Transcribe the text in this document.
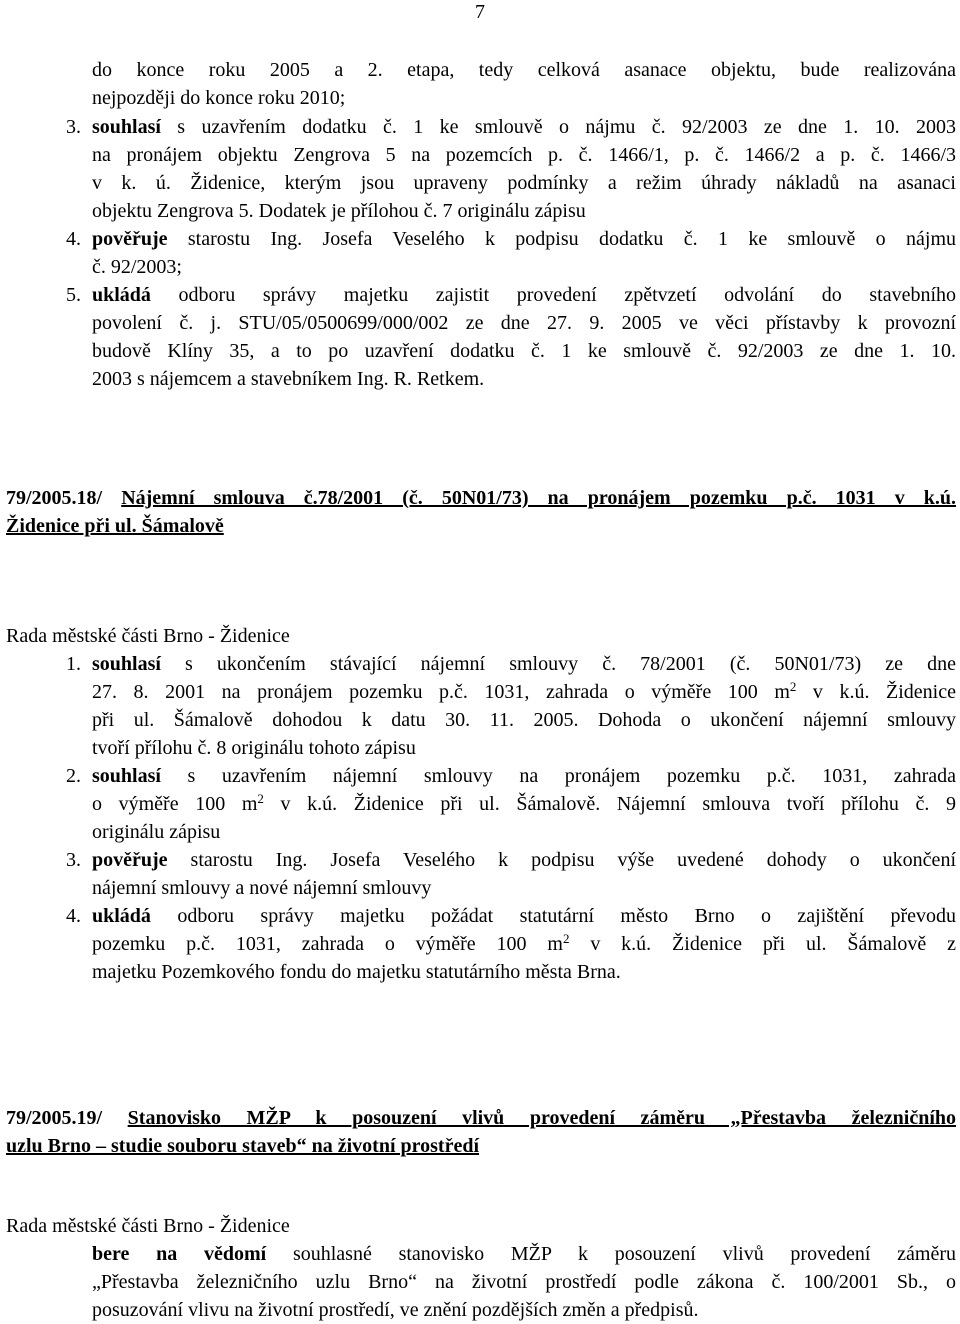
7
do konce roku 2005 a 2. etapa, tedy celková asanace objektu, bude realizována
nejpozději do konce roku 2010;
3. souhlasí s uzavřením dodatku č. 1 ke smlouvě o nájmu č. 92/2003 ze dne 1. 10. 2003
na pronájem objektu Zengrova 5 na pozemcích p. č. 1466/1, p. č. 1466/2 a p. č. 1466/3
v k. ú. Židenice, kterým jsou upraveny podmínky a režim úhrady nákladů na asanaci
objektu Zengrova 5. Dodatek je přílohou č. 7 originálu zápisu
4. pověřuje starostu Ing. Josefa Veselého k podpisu dodatku č. 1 ke smlouvě o nájmu
č. 92/2003;
5. ukládá odboru správy majetku zajistit provedení zpětvzetí odvolání do stavebního
povolení č. j. STU/05/0500699/000/002 ze dne 27. 9. 2005 ve věci přístavby k provozní
budově Klíny 35, a to po uzavření dodatku č. 1 ke smlouvě č. 92/2003 ze dne 1. 10.
2003 s nájemcem a stavebníkem Ing. R. Retkem.
79/2005.18/ Nájemní smlouva č.78/2001 (č. 50N01/73) na pronájem pozemku p.č. 1031 v k.ú.
Židenice při ul. Šámalově
Rada městské části Brno - Židenice
1. souhlasí s ukončením stávající nájemní smlouvy č. 78/2001 (č. 50N01/73) ze dne
27. 8. 2001 na pronájem pozemku p.č. 1031, zahrada o výměře 100 $m^2$ v k.ú. Židenice
při ul. Šámalově dohodou k datu 30. 11. 2005. Dohoda o ukončení nájemní smlouvy
tvoří přílohu č. 8 originálu tohoto zápisu
2. souhlasí s uzavřením nájemní smlouvy na pronájem pozemku p.č. 1031, zahrada
o výměře 100 $m^2$ v k.ú. Židenice při ul. Šámalově. Nájemní smlouva tvoří přílohu č. 9
originálu zápisu
3. pověřuje starostu Ing. Josefa Veselého k podpisu výše uvedené dohody o ukončení
nájemní smlouvy a nové nájemní smlouvy
4. ukládá odboru správy majetku požádat statutární město Brno o zajištění převodu
pozemku p.č. 1031, zahrada o výměře 100 $m^2$ v k.ú. Židenice při ul. Šámalově z
majetku Pozemkového fondu do majetku statutárního města Brna.
79/2005.19/ Stanovisko MŽP k posouzení vlivů provedení záměru „Přestavba železničního
uzlu Brno – studie souboru staveb“ na životní prostředí
Rada městské části Brno - Židenice
bere na vědomí souhlasné stanovisko MŽP k posouzení vlivů provedení záměru
„Přestavba železničního uzlu Brno“ na životní prostředí podle zákona č. 100/2001 Sb., o
posuzování vlivu na životní prostředí, ve znění pozdějších změn a předpisů.
